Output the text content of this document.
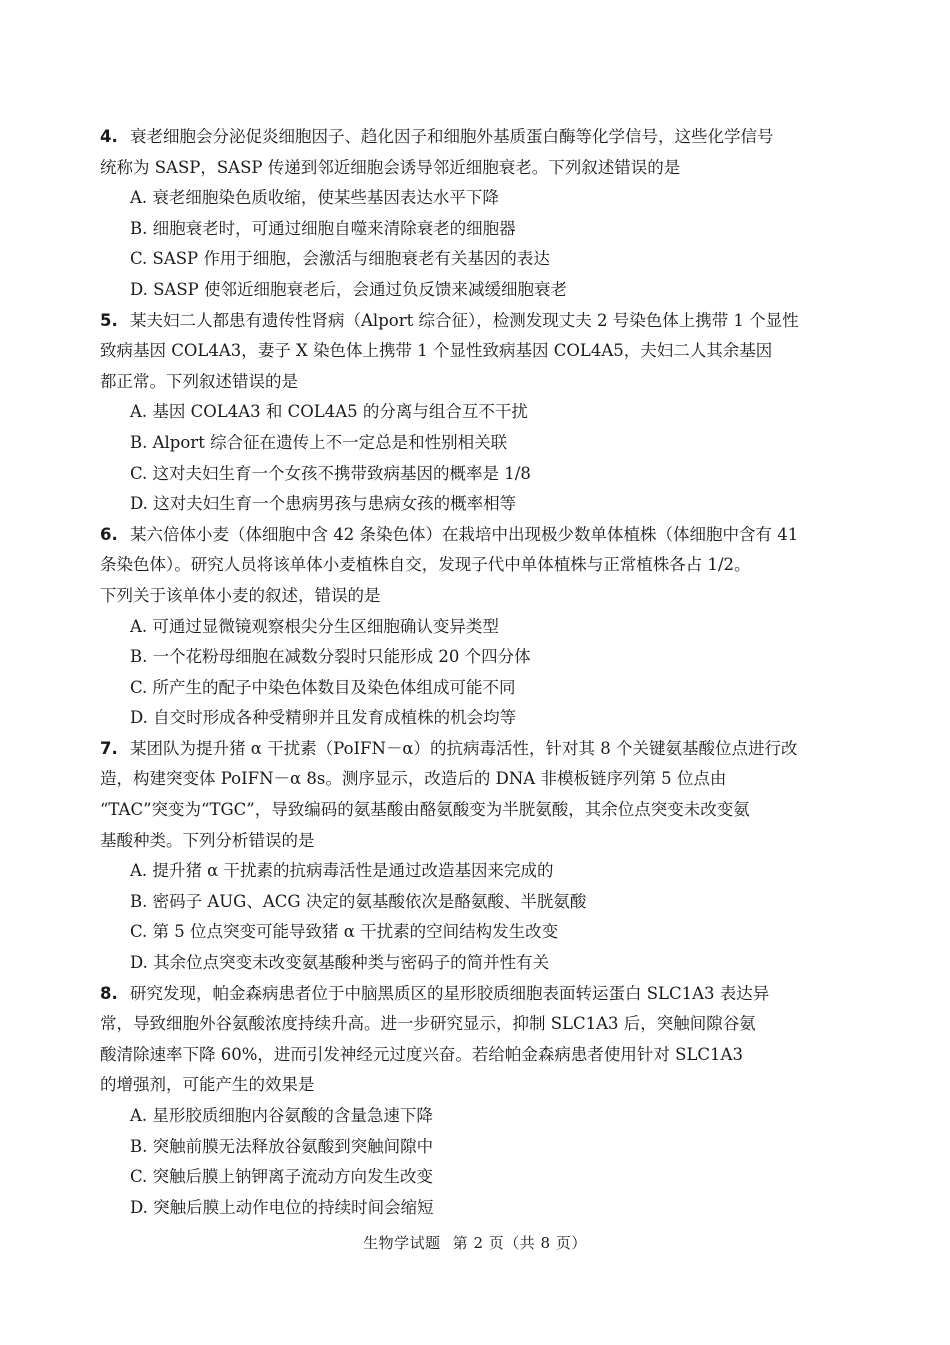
4. 衰老细胞会分泌促炎细胞因子、趋化因子和细胞外基质蛋白酶等化学信号，这些化学信号
统称为 SASP，SASP 传递到邻近细胞会诱导邻近细胞衰老。下列叙述错误的是
A. 衰老细胞染色质收缩，使某些基因表达水平下降
B. 细胞衰老时，可通过细胞自噬来清除衰老的细胞器
C. SASP 作用于细胞，会激活与细胞衰老有关基因的表达
D. SASP 使邻近细胞衰老后，会通过负反馈来减缓细胞衰老
5. 某夫妇二人都患有遗传性肾病（Alport 综合征），检测发现丈夫 2 号染色体上携带 1 个显性
致病基因 COL4A3，妻子 X 染色体上携带 1 个显性致病基因 COL4A5，夫妇二人其余基因
都正常。下列叙述错误的是
A. 基因 COL4A3 和 COL4A5 的分离与组合互不干扰
B. Alport 综合征在遗传上不一定总是和性别相关联
C. 这对夫妇生育一个女孩不携带致病基因的概率是 1/8
D. 这对夫妇生育一个患病男孩与患病女孩的概率相等
6. 某六倍体小麦（体细胞中含 42 条染色体）在栽培中出现极少数单体植株（体细胞中含有 41
条染色体）。研究人员将该单体小麦植株自交，发现子代中单体植株与正常植株各占 1/2。
下列关于该单体小麦的叙述，错误的是
A. 可通过显微镜观察根尖分生区细胞确认变异类型
B. 一个花粉母细胞在减数分裂时只能形成 20 个四分体
C. 所产生的配子中染色体数目及染色体组成可能不同
D. 自交时形成各种受精卵并且发育成植株的机会均等
7. 某团队为提升猪 α 干扰素（PoIFN－α）的抗病毒活性，针对其 8 个关键氨基酸位点进行改
造，构建突变体 PoIFN－α 8s。测序显示，改造后的 DNA 非模板链序列第 5 位点由
“TAC”突变为“TGC”，导致编码的氨基酸由酪氨酸变为半胱氨酸，其余位点突变未改变氨
基酸种类。下列分析错误的是
A. 提升猪 α 干扰素的抗病毒活性是通过改造基因来完成的
B. 密码子 AUG、ACG 决定的氨基酸依次是酪氨酸、半胱氨酸
C. 第 5 位点突变可能导致猪 α 干扰素的空间结构发生改变
D. 其余位点突变未改变氨基酸种类与密码子的简并性有关
8. 研究发现，帕金森病患者位于中脑黑质区的星形胶质细胞表面转运蛋白 SLC1A3 表达异
常，导致细胞外谷氨酸浓度持续升高。进一步研究显示，抑制 SLC1A3 后，突触间隙谷氨
酸清除速率下降 60%，进而引发神经元过度兴奋。若给帕金森病患者使用针对 SLC1A3
的增强剂，可能产生的效果是
A. 星形胶质细胞内谷氨酸的含量急速下降
B. 突触前膜无法释放谷氨酸到突触间隙中
C. 突触后膜上钠钾离子流动方向发生改变
D. 突触后膜上动作电位的持续时间会缩短
生物学试题 第 2 页（共 8 页）
